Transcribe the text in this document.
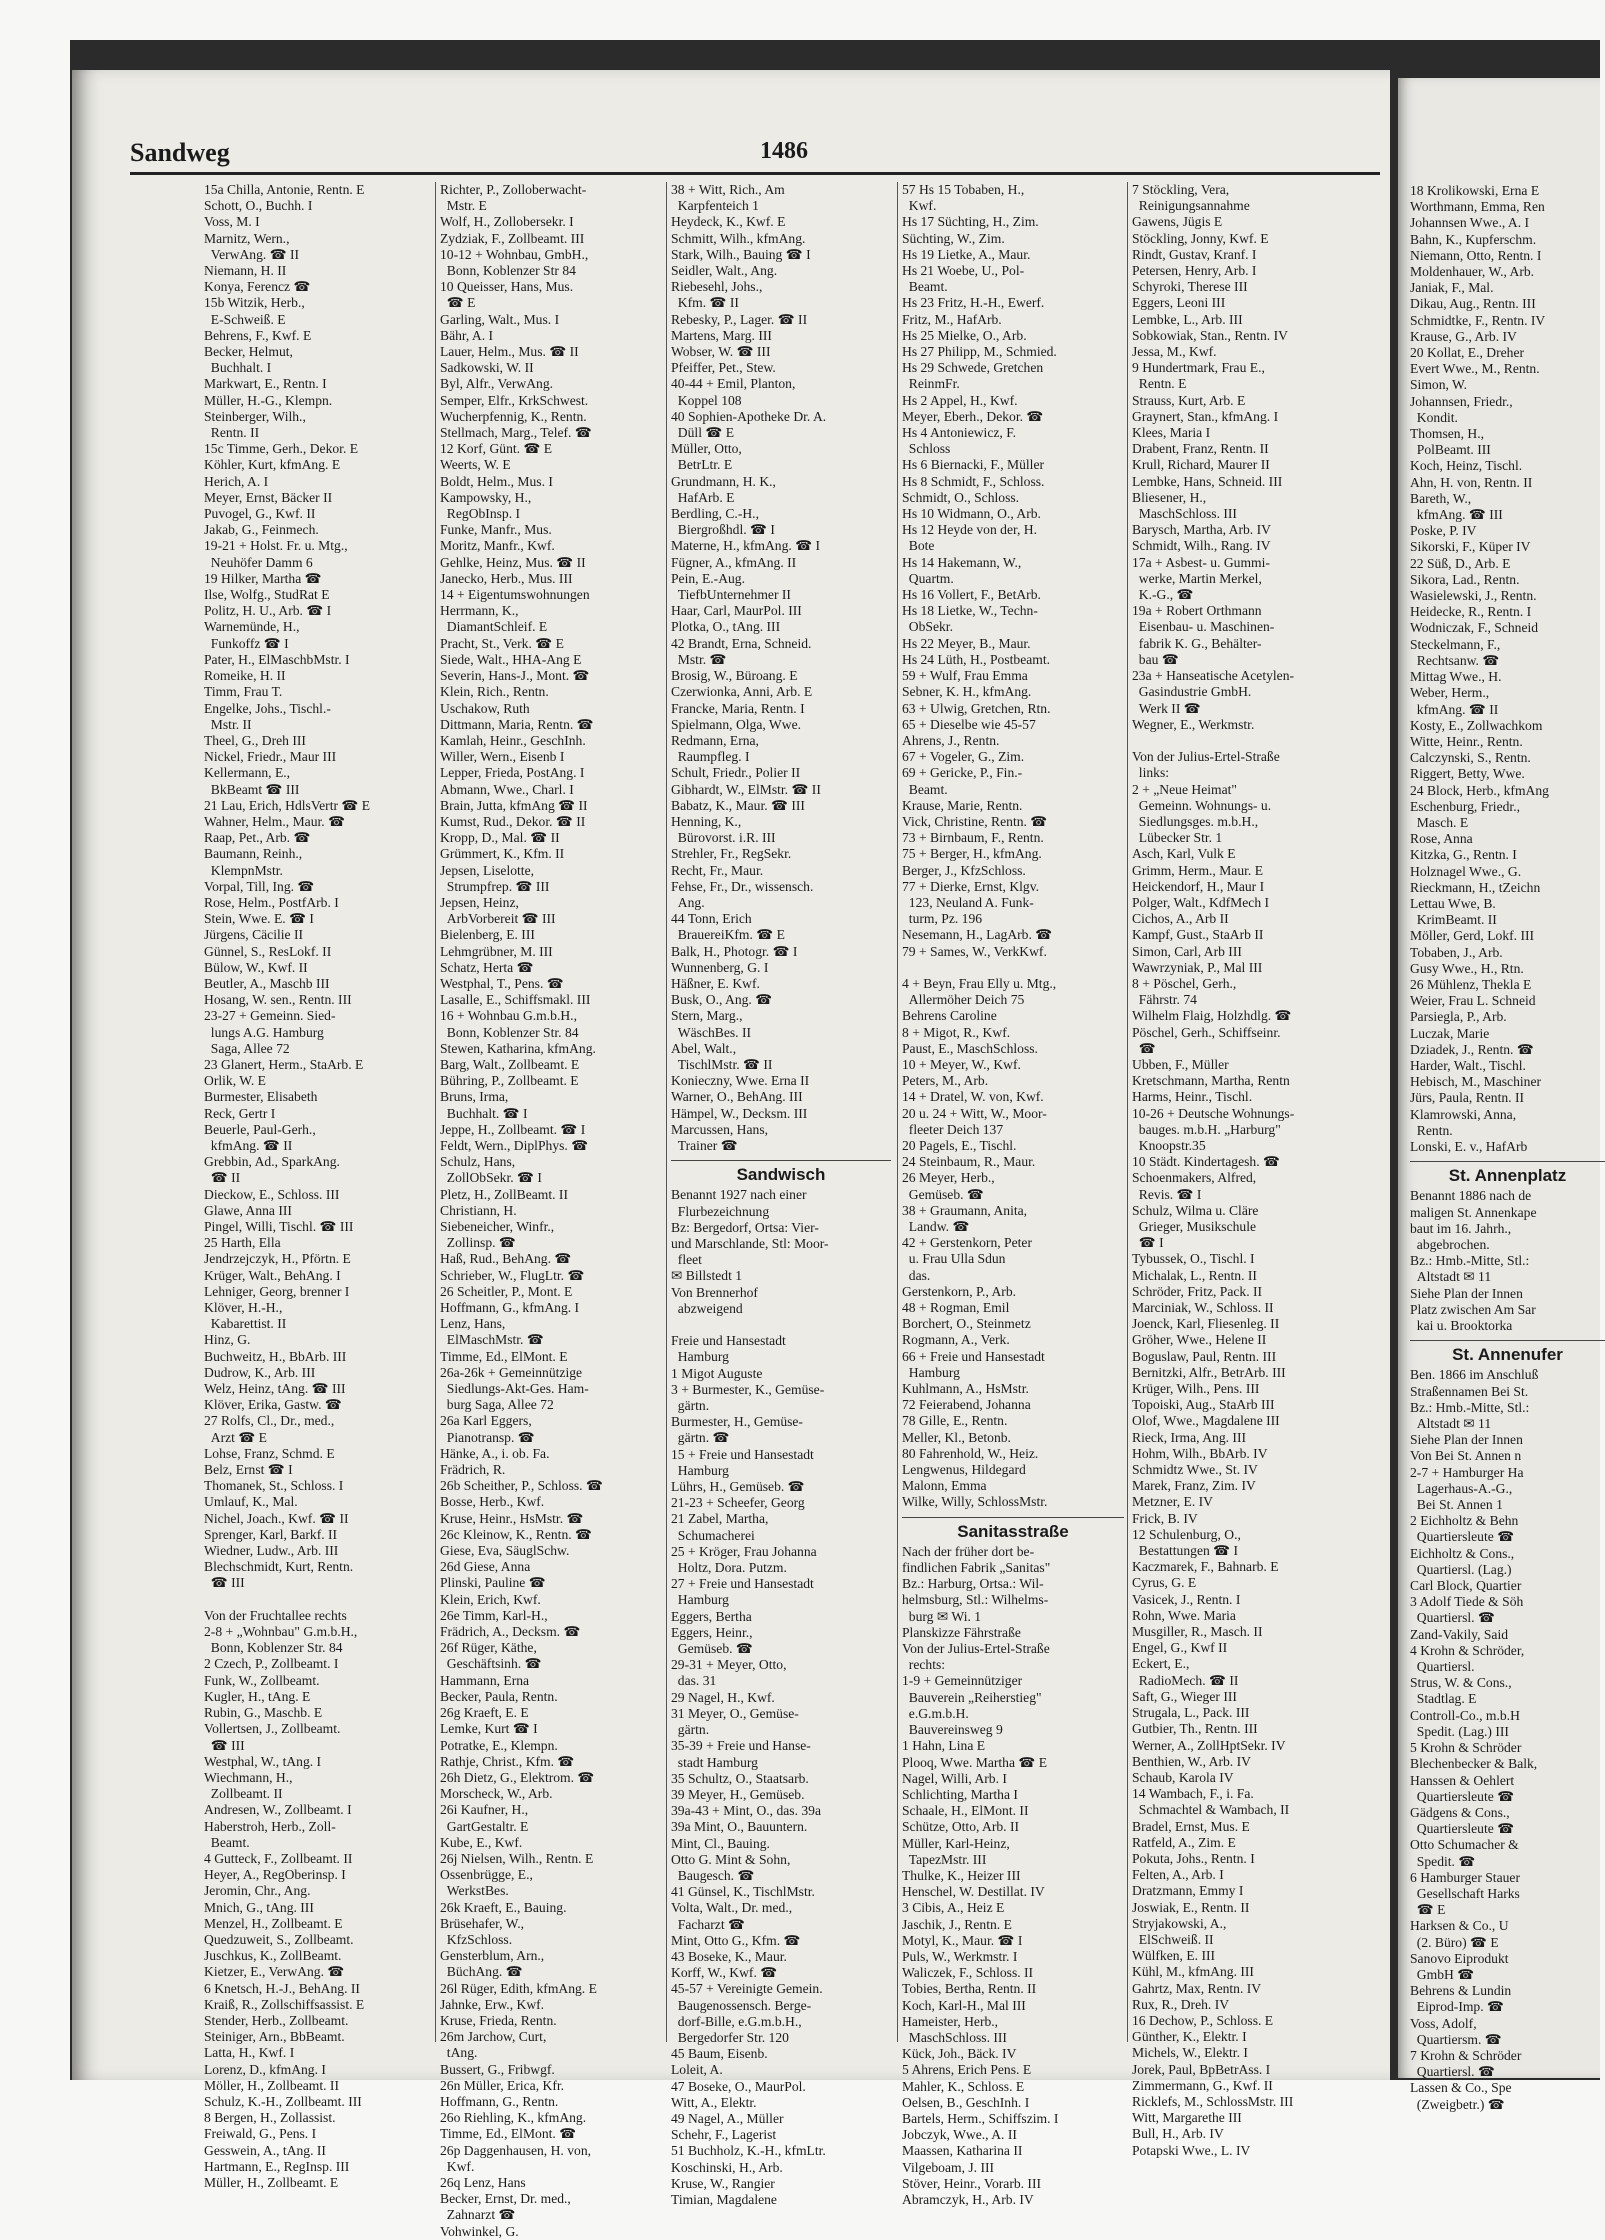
18 Krolikowski, Erna E

Worthmann, Emma, Ren

Johannsen Wwe., A. I

Bahn, K., Kupferschm.

Niemann, Otto, Rentn. I

Moldenhauer, W., Arb.

Janiak, F., Mal.

Dikau, Aug., Rentn. III

Schmidtke, F., Rentn. IV

Krause, G., Arb. IV

20 Kollat, E., Dreher

Evert Wwe., M., Rentn.

Simon, W.

Johannsen, Friedr.,

Kondit.

Thomsen, H.,

PolBeamt. III

Koch, Heinz, Tischl.

Ahn, H. von, Rentn. II

Bareth, W.,

kfmAng. ☎ III

Poske, P. IV

Sikorski, F., Küper IV

22 Süß, D., Arb. E

Sikora, Lad., Rentn.

Wasielewski, J., Rentn.

Heidecke, R., Rentn. I

Wodniczak, F., Schneid

Steckelmann, F.,

Rechtsanw. ☎

Mittag Wwe., H.

Weber, Herm.,

kfmAng. ☎ II

Kosty, E., Zollwachkom

Witte, Heinr., Rentn.

Calczynski, S., Rentn.

Riggert, Betty, Wwe.

24 Block, Herb., kfmAng

Eschenburg, Friedr.,

Masch. E

Rose, Anna

Kitzka, G., Rentn. I

Holznagel Wwe., G.

Rieckmann, H., tZeichn

Lettau Wwe, B.

KrimBeamt. II

Möller, Gerd, Lokf. III

Tobaben, J., Arb.

Gusy Wwe., H., Rtn.

26 Mühlenz, Thekla E

Weier, Frau L. Schneid

Parsiegla, P., Arb.

Luczak, Marie

Dziadek, J., Rentn. ☎

Harder, Walt., Tischl.

Hebisch, M., Maschiner

Jürs, Paula, Rentn. II

Klamrowski, Anna,

Rentn.

Lonski, E. v., HafArb

St. Annenplatz

Benannt 1886 nach de

maligen St. Annenkape

baut im 16. Jahrh.,

abgebrochen.

Bz.: Hmb.-Mitte, Stl.:

Altstadt ✉ 11

Siehe Plan der Innen

Platz zwischen Am Sar

kai u. Brooktorka

St. Annenufer

Ben. 1866 im Anschluß

Straßennamen Bei St.

Bz.: Hmb.-Mitte, Stl.:

Altstadt ✉ 11

Siehe Plan der Innen

Von Bei St. Annen n

2-7 + Hamburger Ha

Lagerhaus-A.-G.,

Bei St. Annen 1

2 Eichholtz & Behn

Quartiersleute ☎

Eichholtz & Cons.,

Quartiersl. (Lag.)

Carl Block, Quartier

3 Adolf Tiede & Söh

Quartiersl. ☎

Zand-Vakily, Said

4 Krohn & Schröder,

Quartiersl.

Strus, W. & Cons.,

Stadtlag. E

Controll-Co., m.b.H

Spedit. (Lag.) III

5 Krohn & Schröder

Blechenbecker & Balk,

Hanssen & Oehlert

Quartiersleute ☎

Gädgens & Cons.,

Quartiersleute ☎

Otto Schumacher &

Spedit. ☎

6 Hamburger Stauer

Gesellschaft Harks

☎ E

Harksen & Co., U

(2. Büro) ☎ E

Sanovo Eiprodukt

GmbH ☎

Behrens & Lundin

Eiprod-Imp. ☎

Voss, Adolf,

Quartiersm. ☎

7 Krohn & Schröder

Quartiersl. ☎

Lassen & Co., Spe

(Zweigbetr.) ☎

Sandweg	1486

15a Chilla, Antonie, Rentn. E

Schott, O., Buchh. I

Voss, M. I

Marnitz, Wern.,

VerwAng. ☎ II

Niemann, H. II

Konya, Ferencz ☎

15b Witzik, Herb.,

E-Schweiß. E

Behrens, F., Kwf. E

Becker, Helmut,

Buchhalt. I

Markwart, E., Rentn. I

Müller, H.-G., Klempn.

Steinberger, Wilh.,

Rentn. II

15c Timme, Gerh., Dekor. E

Köhler, Kurt, kfmAng. E

Herich, A. I

Meyer, Ernst, Bäcker II

Puvogel, G., Kwf. II

Jakab, G., Feinmech.

19-21 + Holst. Fr. u. Mtg.,

Neuhöfer Damm 6

19 Hilker, Martha ☎

Ilse, Wolfg., StudRat E

Politz, H. U., Arb. ☎ I

Warnemünde, H.,

Funkoffz ☎ I

Pater, H., ElMaschbMstr. I

Romeike, H. II

Timm, Frau T.

Engelke, Johs., Tischl.-

Mstr. II

Theel, G., Dreh III

Nickel, Friedr., Maur III

Kellermann, E.,

BkBeamt ☎ III

21 Lau, Erich, HdlsVertr ☎ E

Wahner, Helm., Maur. ☎

Raap, Pet., Arb. ☎

Baumann, Reinh.,

KlempnMstr.

Vorpal, Till, Ing. ☎

Rose, Helm., PostfArb. I

Stein, Wwe. E. ☎ I

Jürgens, Cäcilie II

Günnel, S., ResLokf. II

Bülow, W., Kwf. II

Beutler, A., Maschb III

Hosang, W. sen., Rentn. III

23-27 + Gemeinn. Sied-

lungs A.G. Hamburg

Saga, Allee 72

23 Glanert, Herm., StaArb. E

Orlik, W. E

Burmester, Elisabeth

Reck, Gertr I

Beuerle, Paul-Gerh.,

kfmAng. ☎ II

Grebbin, Ad., SparkAng.

☎ II

Dieckow, E., Schloss. III

Glawe, Anna III

Pingel, Willi, Tischl. ☎ III

25 Harth, Ella

Jendrzejczyk, H., Pförtn. E

Krüger, Walt., BehAng. I

Lehniger, Georg, brenner I

Klöver, H.-H.,

Kabarettist. II

Hinz, G.

Buchweitz, H., BbArb. III

Dudrow, K., Arb. III

Welz, Heinz, tAng. ☎ III

Klöver, Erika, Gastw. ☎

27 Rolfs, Cl., Dr., med.,

Arzt ☎ E

Lohse, Franz, Schmd. E

Belz, Ernst ☎ I

Thomanek, St., Schloss. I

Umlauf, K., Mal.

Nichel, Joach., Kwf. ☎ II

Sprenger, Karl, Barkf. II

Wiedner, Ludw., Arb. III

Blechschmidt, Kurt, Rentn.

☎ III

Von der Fruchtallee rechts

2-8 + „Wohnbau" G.m.b.H.,

Bonn, Koblenzer Str. 84

2 Czech, P., Zollbeamt. I

Funk, W., Zollbeamt.

Kugler, H., tAng. E

Rubin, G., Maschb. E

Vollertsen, J., Zollbeamt.

☎ III

Westphal, W., tAng. I

Wiechmann, H.,

Zollbeamt. II

Andresen, W., Zollbeamt. I

Haberstroh, Herb., Zoll-

Beamt.

4 Gutteck, F., Zollbeamt. II

Heyer, A., RegOberinsp. I

Jeromin, Chr., Ang.

Mnich, G., tAng. III

Menzel, H., Zollbeamt. E

Quedzuweit, S., Zollbeamt.

Juschkus, K., ZollBeamt.

Kietzer, E., VerwAng. ☎

6 Knetsch, H.-J., BehAng. II

Kraiß, R., Zollschiffsassist. E

Stender, Herb., Zollbeamt.

Steiniger, Arn., BbBeamt.

Latta, H., Kwf. I

Lorenz, D., kfmAng. I

Möller, H., Zollbeamt. II

Schulz, K.-H., Zollbeamt. III

8 Bergen, H., Zollassist.

Freiwald, G., Pens. I

Gesswein, A., tAng. II

Hartmann, E., RegInsp. III

Müller, H., Zollbeamt. E

Richter, P., Zolloberwacht-

Mstr. E

Wolf, H., Zollobersekr. I

Zydziak, F., Zollbeamt. III

10-12 + Wohnbau, GmbH.,

Bonn, Koblenzer Str 84

10 Queisser, Hans, Mus.

☎ E

Garling, Walt., Mus. I

Bähr, A. I

Lauer, Helm., Mus. ☎ II

Sadkowski, W. II

Byl, Alfr., VerwAng.

Semper, Elfr., KrkSchwest.

Wucherpfennig, K., Rentn.

Stellmach, Marg., Telef. ☎

12 Korf, Günt. ☎ E

Weerts, W. E

Boldt, Helm., Mus. I

Kampowsky, H.,

RegObInsp. I

Funke, Manfr., Mus.

Moritz, Manfr., Kwf.

Gehlke, Heinz, Mus. ☎ II

Janecko, Herb., Mus. III

14 + Eigentumswohnungen

Herrmann, K.,

DiamantSchleif. E

Pracht, St., Verk. ☎ E

Siede, Walt., HHA-Ang E

Severin, Hans-J., Mont. ☎

Klein, Rich., Rentn.

Uschakow, Ruth

Dittmann, Maria, Rentn. ☎

Kamlah, Heinr., GeschInh.

Willer, Wern., Eisenb I

Lepper, Frieda, PostAng. I

Abmann, Wwe., Charl. I

Brain, Jutta, kfmAng ☎ II

Kumst, Rud., Dekor. ☎ II

Kropp, D., Mal. ☎ II

Grümmert, K., Kfm. II

Jepsen, Liselotte,

Strumpfrep. ☎ III

Jepsen, Heinz,

ArbVorbereit ☎ III

Bielenberg, E. III

Lehmgrübner, M. III

Schatz, Herta ☎

Westphal, T., Pens. ☎

Lasalle, E., Schiffsmakl. III

16 + Wohnbau G.m.b.H.,

Bonn, Koblenzer Str. 84

Stewen, Katharina, kfmAng.

Barg, Walt., Zollbeamt. E

Bühring, P., Zollbeamt. E

Bruns, Irma,

Buchhalt. ☎ I

Jeppe, H., Zollbeamt. ☎ I

Feldt, Wern., DiplPhys. ☎

Schulz, Hans,

ZollObSekr. ☎ I

Pletz, H., ZollBeamt. II

Christiann, H.

Siebeneicher, Winfr.,

Zollinsp. ☎

Haß, Rud., BehAng. ☎

Schrieber, W., FlugLtr. ☎

26 Scheitler, P., Mont. E

Hoffmann, G., kfmAng. I

Lenz, Hans,

ElMaschMstr. ☎

Timme, Ed., ElMont. E

26a-26k + Gemeinnützige

Siedlungs-Akt-Ges. Ham-

burg Saga, Allee 72

26a Karl Eggers,

Pianotransp. ☎

Hänke, A., i. ob. Fa.

Frädrich, R.

26b Scheither, P., Schloss. ☎

Bosse, Herb., Kwf.

Kruse, Heinr., HsMstr. ☎

26c Kleinow, K., Rentn. ☎

Giese, Eva, SäuglSchw.

26d Giese, Anna

Plinski, Pauline ☎

Klein, Erich, Kwf.

26e Timm, Karl-H.,

Frädrich, A., Decksm. ☎

26f Rüger, Käthe,

Geschäftsinh. ☎

Hammann, Erna

Becker, Paula, Rentn.

26g Kraeft, E. E

Lemke, Kurt ☎ I

Potratke, E., Klempn.

Rathje, Christ., Kfm. ☎

26h Dietz, G., Elektrom. ☎

Morscheck, W., Arb.

26i Kaufner, H.,

GartGestaltr. E

Kube, E., Kwf.

26j Nielsen, Wilh., Rentn. E

Ossenbrügge, E.,

WerkstBes.

26k Kraeft, E., Bauing.

Brüsehafer, W.,

KfzSchloss.

Gensterblum, Arn.,

BüchAng. ☎

26l Rüger, Edith, kfmAng. E

Jahnke, Erw., Kwf.

Kruse, Frieda, Rentn.

26m Jarchow, Curt,

tAng.

Bussert, G., Fribwgf.

26n Müller, Erica, Kfr.

Hoffmann, G., Rentn.

26o Riehling, K., kfmAng.

Timme, Ed., ElMont. ☎

26p Daggenhausen, H. von,

Kwf.

26q Lenz, Hans

Becker, Ernst, Dr. med.,

Zahnarzt ☎

Vohwinkel, G.

38 + Witt, Rich., Am

Karpfenteich 1

Heydeck, K., Kwf. E

Schmitt, Wilh., kfmAng.

Stark, Wilh., Bauing ☎ I

Seidler, Walt., Ang.

Riebesehl, Johs.,

Kfm. ☎ II

Rebesky, P., Lager. ☎ II

Martens, Marg. III

Wobser, W. ☎ III

Pfeiffer, Pet., Stew.

40-44 + Emil, Planton,

Koppel 108

40 Sophien-Apotheke Dr. A.

Düll ☎ E

Müller, Otto,

BetrLtr. E

Grundmann, H. K.,

HafArb. E

Berdling, C.-H.,

Biergroßhdl. ☎ I

Materne, H., kfmAng. ☎ I

Fügner, A., kfmAng. II

Pein, E.-Aug.

TiefbUnternehmer II

Haar, Carl, MaurPol. III

Plotka, O., tAng. III

42 Brandt, Erna, Schneid.

Mstr. ☎

Brosig, W., Büroang. E

Czerwionka, Anni, Arb. E

Francke, Maria, Rentn. I

Spielmann, Olga, Wwe.

Redmann, Erna,

Raumpfleg. I

Schult, Friedr., Polier II

Gibhardt, W., ElMstr. ☎ II

Babatz, K., Maur. ☎ III

Henning, K.,

Bürovorst. i.R. III

Strehler, Fr., RegSekr.

Recht, Fr., Maur.

Fehse, Fr., Dr., wissensch.

Ang.

44 Tonn, Erich

BrauereiKfm. ☎ E

Balk, H., Photogr. ☎ I

Wunnenberg, G. I

Häßner, E. Kwf.

Busk, O., Ang. ☎

Stern, Marg.,

WäschBes. II

Abel, Walt.,

TischlMstr. ☎ II

Konieczny, Wwe. Erna II

Warner, O., BehAng. III

Hämpel, W., Decksm. III

Marcussen, Hans,

Trainer ☎

Sandwisch

Benannt 1927 nach einer

Flurbezeichnung

Bz: Bergedorf, Ortsa: Vier-

und Marschlande, Stl: Moor-

fleet

✉ Billstedt 1

Von Brennerhof

abzweigend

Freie und Hansestadt

Hamburg

1 Migot Auguste

3 + Burmester, K., Gemüse-

gärtn.

Burmester, H., Gemüse-

gärtn. ☎

15 + Freie und Hansestadt

Hamburg

Lührs, H., Gemüseb. ☎

21-23 + Scheefer, Georg

21 Zabel, Martha,

Schumacherei

25 + Kröger, Frau Johanna

Holtz, Dora. Putzm.

27 + Freie und Hansestadt

Hamburg

Eggers, Bertha

Eggers, Heinr.,

Gemüseb. ☎

29-31 + Meyer, Otto,

das. 31

29 Nagel, H., Kwf.

31 Meyer, O., Gemüse-

gärtn.

35-39 + Freie und Hanse-

stadt Hamburg

35 Schultz, O., Staatsarb.

39 Meyer, H., Gemüseb.

39a-43 + Mint, O., das. 39a

39a Mint, O., Bauuntern.

Mint, Cl., Bauing.

Otto G. Mint & Sohn,

Baugesch. ☎

41 Günsel, K., TischlMstr.

Volta, Walt., Dr. med.,

Facharzt ☎

Mint, Otto G., Kfm. ☎

43 Boseke, K., Maur.

Korff, W., Kwf. ☎

45-57 + Vereinigte Gemein.

Baugenossensch. Berge-

dorf-Bille, e.G.m.b.H.,

Bergedorfer Str. 120

45 Baum, Eisenb.

Loleit, A.

47 Boseke, O., MaurPol.

Witt, A., Elektr.

49 Nagel, A., Müller

Schehr, F., Lagerist

51 Buchholz, K.-H., kfmLtr.

Koschinski, H., Arb.

Kruse, W., Rangier

Timian, Magdalene

57 Hs 15 Tobaben, H.,

Kwf.

Hs 17 Süchting, H., Zim.

Süchting, W., Zim.

Hs 19 Lietke, A., Maur.

Hs 21 Woebe, U., Pol-

Beamt.

Hs 23 Fritz, H.-H., Ewerf.

Fritz, M., HafArb.

Hs 25 Mielke, O., Arb.

Hs 27 Philipp, M., Schmied.

Hs 29 Schwede, Gretchen

ReinmFr.

Hs 2 Appel, H., Kwf.

Meyer, Eberh., Dekor. ☎

Hs 4 Antoniewicz, F.

Schloss

Hs 6 Biernacki, F., Müller

Hs 8 Schmidt, F., Schloss.

Schmidt, O., Schloss.

Hs 10 Widmann, O., Arb.

Hs 12 Heyde von der, H.

Bote

Hs 14 Hakemann, W.,

Quartm.

Hs 16 Vollert, F., BetArb.

Hs 18 Lietke, W., Techn-

ObSekr.

Hs 22 Meyer, B., Maur.

Hs 24 Lüth, H., Postbeamt.

59 + Wulf, Frau Emma

Sebner, K. H., kfmAng.

63 + Ulwig, Gretchen, Rtn.

65 + Dieselbe wie 45-57

Ahrens, J., Rentn.

67 + Vogeler, G., Zim.

69 + Gericke, P., Fin.-

Beamt.

Krause, Marie, Rentn.

Vick, Christine, Rentn. ☎

73 + Birnbaum, F., Rentn.

75 + Berger, H., kfmAng.

Berger, J., KfzSchloss.

77 + Dierke, Ernst, Klgv.

123, Neuland A. Funk-

turm, Pz. 196

Nesemann, H., LagArb. ☎

79 + Sames, W., VerkKwf.

4 + Beyn, Frau Elly u. Mtg.,

Allermöher Deich 75

Behrens Caroline

8 + Migot, R., Kwf.

Paust, E., MaschSchloss.

10 + Meyer, W., Kwf.

Peters, M., Arb.

14 + Dratel, W. von, Kwf.

20 u. 24 + Witt, W., Moor-

fleeter Deich 137

20 Pagels, E., Tischl.

24 Steinbaum, R., Maur.

26 Meyer, Herb.,

Gemüseb. ☎

38 + Graumann, Anita,

Landw. ☎

42 + Gerstenkorn, Peter

u. Frau Ulla Sdun

das.

Gerstenkorn, P., Arb.

48 + Rogman, Emil

Borchert, O., Steinmetz

Rogmann, A., Verk.

66 + Freie und Hansestadt

Hamburg

Kuhlmann, A., HsMstr.

72 Feierabend, Johanna

78 Gille, E., Rentn.

Meller, Kl., Betonb.

80 Fahrenhold, W., Heiz.

Lengwenus, Hildegard

Malonn, Emma

Wilke, Willy, SchlossMstr.

Sanitasstraße

Nach der früher dort be-

findlichen Fabrik „Sanitas"

Bz.: Harburg, Ortsa.: Wil-

helmsburg, Stl.: Wilhelms-

burg ✉ Wi. 1

Planskizze Fährstraße

Von der Julius-Ertel-Straße

rechts:

1-9 + Gemeinnütziger

Bauverein „Reiherstieg"

e.G.m.b.H.

Bauvereinsweg 9

1 Hahn, Lina E

Plooq, Wwe. Martha ☎ E

Nagel, Willi, Arb. I

Schlichting, Martha I

Schaale, H., ElMont. II

Schütze, Otto, Arb. II

Müller, Karl-Heinz,

TapezMstr. III

Thulke, K., Heizer III

Henschel, W. Destillat. IV

3 Cibis, A., Heiz E

Jaschik, J., Rentn. E

Motyl, K., Maur. ☎ I

Puls, W., Werkmstr. I

Waliczek, F., Schloss. II

Tobies, Bertha, Rentn. II

Koch, Karl-H., Mal III

Hameister, Herb.,

MaschSchloss. III

Kück, Joh., Bäck. IV

5 Ahrens, Erich Pens. E

Mahler, K., Schloss. E

Oelsen, B., GeschInh. I

Bartels, Herm., Schiffszim. I

Jobczyk, Wwe., A. II

Maassen, Katharina II

Vilgeboam, J. III

Stöver, Heinr., Vorarb. III

Abramczyk, H., Arb. IV

7 Stöckling, Vera,

Reinigungsannahme

Gawens, Jügis E

Stöckling, Jonny, Kwf. E

Rindt, Gustav, Kranf. I

Petersen, Henry, Arb. I

Schyroki, Therese III

Eggers, Leoni III

Lembke, L., Arb. III

Sobkowiak, Stan., Rentn. IV

Jessa, M., Kwf.

9 Hundertmark, Frau E.,

Rentn. E

Strauss, Kurt, Arb. E

Graynert, Stan., kfmAng. I

Klees, Maria I

Drabent, Franz, Rentn. II

Krull, Richard, Maurer II

Lembke, Hans, Schneid. III

Bliesener, H.,

MaschSchloss. III

Barysch, Martha, Arb. IV

Schmidt, Wilh., Rang. IV

17a + Asbest- u. Gummi-

werke, Martin Merkel,

K.-G., ☎

19a + Robert Orthmann

Eisenbau- u. Maschinen-

fabrik K. G., Behälter-

bau ☎

23a + Hanseatische Acetylen-

Gasindustrie GmbH.

Werk II ☎

Wegner, E., Werkmstr.

Von der Julius-Ertel-Straße

links:

2 + „Neue Heimat"

Gemeinn. Wohnungs- u.

Siedlungsges. m.b.H.,

Lübecker Str. 1

Asch, Karl, Vulk E

Grimm, Herm., Maur. E

Heickendorf, H., Maur I

Polger, Walt., KdfMech I

Cichos, A., Arb II

Kampf, Gust., StaArb II

Simon, Carl, Arb III

Wawrzyniak, P., Mal III

8 + Pöschel, Gerh.,

Fährstr. 74

Wilhelm Flaig, Holzhdlg. ☎

Pöschel, Gerh., Schiffseinr.

☎

Ubben, F., Müller

Kretschmann, Martha, Rentn

Harms, Heinr., Tischl.

10-26 + Deutsche Wohnungs-

bauges. m.b.H. „Harburg"

Knoopstr.35

10 Städt. Kindertagesh. ☎

Schoenmakers, Alfred,

Revis. ☎ I

Schulz, Wilma u. Cläre

Grieger, Musikschule

☎ I

Tybussek, O., Tischl. I

Michalak, L., Rentn. II

Schröder, Fritz, Pack. II

Marciniak, W., Schloss. II

Joenck, Karl, Fliesenleg. II

Gröher, Wwe., Helene II

Boguslaw, Paul, Rentn. III

Bernitzki, Alfr., BetrArb. III

Krüger, Wilh., Pens. III

Topoiski, Aug., StaArb III

Olof, Wwe., Magdalene III

Rieck, Irma, Ang. III

Hohm, Wilh., BbArb. IV

Schmidtz Wwe., St. IV

Marek, Franz, Zim. IV

Metzner, E. IV

Frick, B. IV

12 Schulenburg, O.,

Bestattungen ☎ I

Kaczmarek, F., Bahnarb. E

Cyrus, G. E

Vasicek, J., Rentn. I

Rohn, Wwe. Maria

Musgiller, R., Masch. II

Engel, G., Kwf II

Eckert, E.,

RadioMech. ☎ II

Saft, G., Wieger III

Strugala, L., Pack. III

Gutbier, Th., Rentn. III

Werner, A., ZollHptSekr. IV

Benthien, W., Arb. IV

Schaub, Karola IV

14 Wambach, F., i. Fa.

Schmachtel & Wambach, II

Bradel, Ernst, Mus. E

Ratfeld, A., Zim. E

Pokuta, Johs., Rentn. I

Felten, A., Arb. I

Dratzmann, Emmy I

Joswiak, E., Rentn. II

Stryjakowski, A.,

ElSchweiß. II

Wülfken, E. III

Kühl, M., kfmAng. III

Gahrtz, Max, Rentn. IV

Rux, R., Dreh. IV

16 Dechow, P., Schloss. E

Günther, K., Elektr. I

Michels, W., Elektr. I

Jorek, Paul, BpBetrAss. I

Zimmermann, G., Kwf. II

Ricklefs, M., SchlossMstr. III

Witt, Margarethe III

Bull, H., Arb. IV

Potapski Wwe., L. IV
